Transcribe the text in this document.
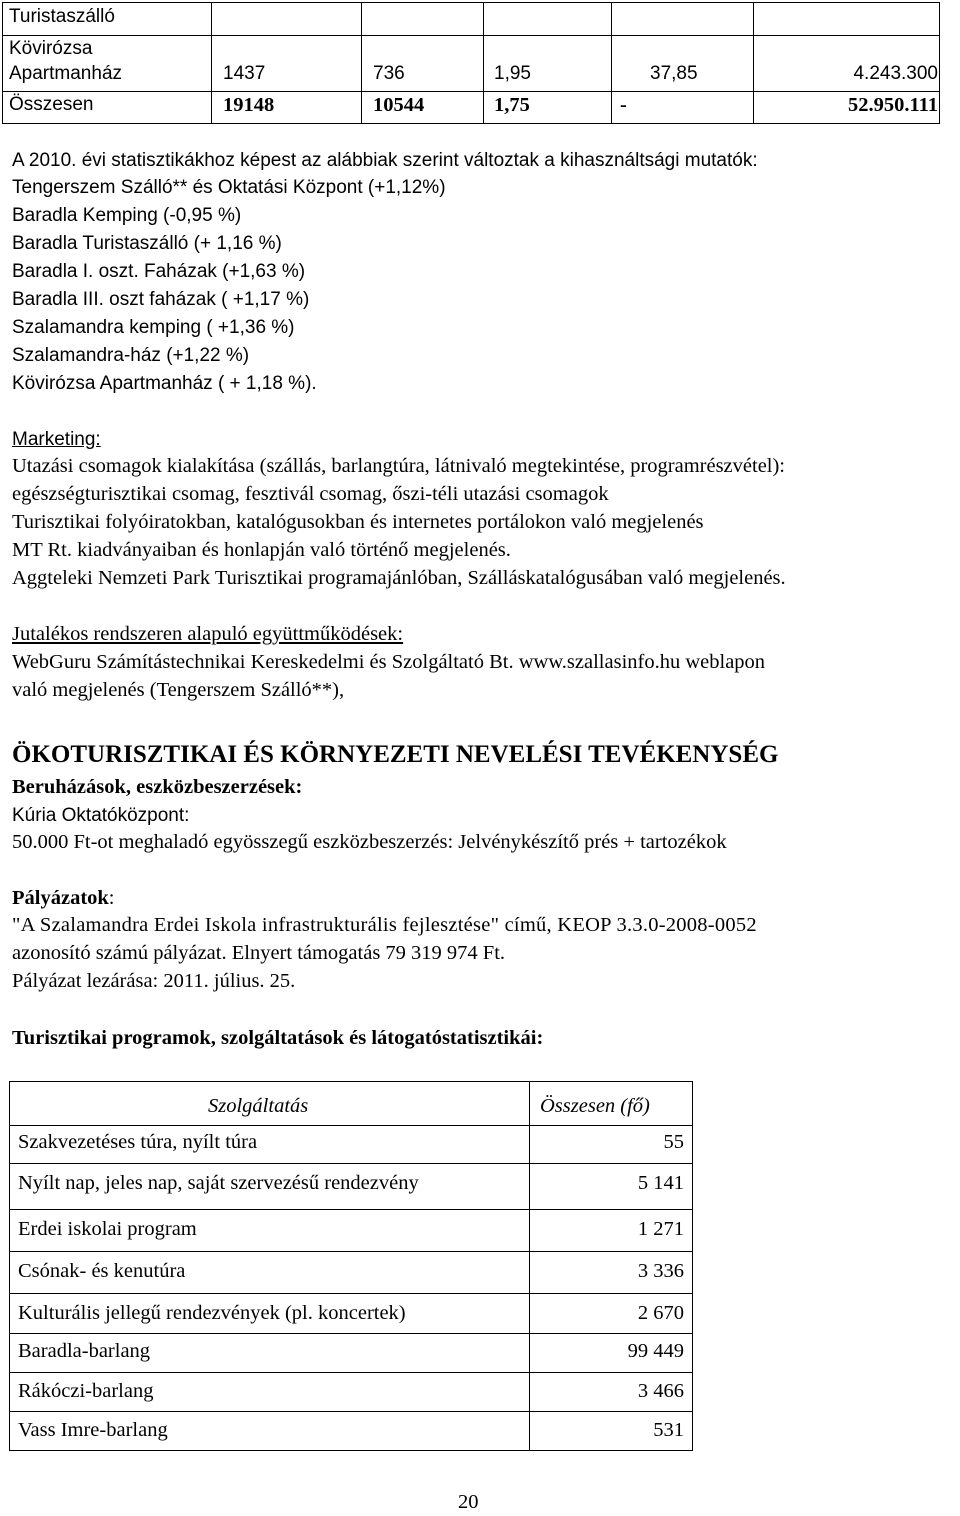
Turistaszálló
Kövirózsa
Apartmanház	1437	736	1,95	37,85	4.243.300
Összesen	19148	10544	1,75	-	52.950.111
A 2010. évi statisztikákhoz képest az alábbiak szerint változtak a kihasználtsági mutatók:
Tengerszem Szálló** és Oktatási Központ (+1,12%)
Baradla Kemping (-0,95 %)
Baradla Turistaszálló (+ 1,16 %)
Baradla I. oszt. Faházak (+1,63 %)
Baradla III. oszt faházak ( +1,17 %)
Szalamandra kemping ( +1,36 %)
Szalamandra-ház (+1,22 %)
Kövirózsa Apartmanház ( + 1,18 %).
Marketing:
Utazási csomagok kialakítása (szállás, barlangtúra, látnivaló megtekintése, programrészvétel):
egészségturisztikai csomag, fesztivál csomag, őszi-téli utazási csomagok
Turisztikai folyóiratokban, katalógusokban és internetes portálokon való megjelenés
MT Rt. kiadványaiban és honlapján való történő megjelenés.
Aggteleki Nemzeti Park Turisztikai programajánlóban, Szálláskatalógusában való megjelenés.
Jutalékos rendszeren alapuló együttműködések:
WebGuru Számítástechnikai Kereskedelmi és Szolgáltató Bt. www.szallasinfo.hu weblapon
való megjelenés (Tengerszem Szálló**),
ÖKOTURISZTIKAI ÉS KÖRNYEZETI NEVELÉSI TEVÉKENYSÉG
Beruházások, eszközbeszerzések:
Kúria Oktatóközpont:
50.000 Ft-ot meghaladó egyösszegű eszközbeszerzés: Jelvénykészítő prés + tartozékok
Pályázatok:
"A Szalamandra Erdei Iskola infrastrukturális fejlesztése" című, KEOP 3.3.0-2008-0052
azonosító számú pályázat. Elnyert támogatás 79 319 974 Ft.
Pályázat lezárása: 2011. július. 25.
Turisztikai programok, szolgáltatások és látogatóstatisztikái:
Szolgáltatás	Összesen (fő)
Szakvezetéses túra, nyílt túra	55
Nyílt nap, jeles nap, saját szervezésű rendezvény	5 141
Erdei iskolai program	1 271
Csónak- és kenutúra	3 336
Kulturális jellegű rendezvények (pl. koncertek)	2 670
Baradla-barlang	99 449
Rákóczi-barlang	3 466
Vass Imre-barlang	531
20
